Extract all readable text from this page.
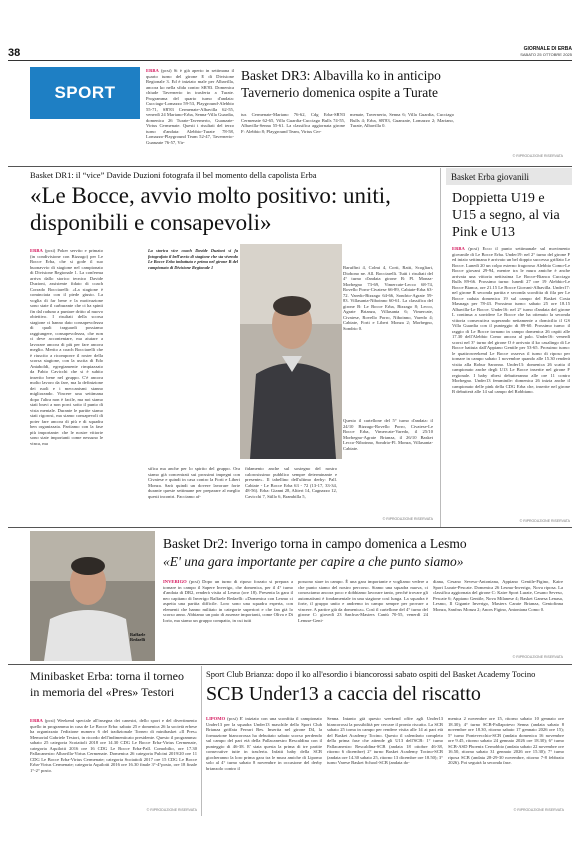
38	GIORNALE DI ERBA
SABATO 25 OTTOBRE 2025
SPORT
ERBA (pcsi) Si è già aperto in settimana il quarto turno del girone E di Divisione Regionale 3. Ed è iniziato male per Albavilla, ancora ko nella sfida contro SR'83. Domenica chiude Tavernerio in trasferta a Turate. Programma del quarto turno d'andata: Cucciago-Lomazzo 59-53, Playground-Alebbio 55-71, SR'83 Cermenate-Albavilla 62-55, venerdì 24 Mariano-Erba, Senna-Villa Guardia, domenica 26 Turate-Tavernerio, Guanzate-Virtus Cermenate. Questi i risultati del terzo turno d'andata: Alebbio-Turate 78-58, Lomazzo-Playground Team 52-47, Tavernerio-Guanzate 76-57, Vir-
Basket DR3: Albavilla ko in anticipo
Tavernerio domenica ospite a Turate
tus Cermenate-Mariano 76-62, Cdg Erba-SR'83 Cermenate 62-65, Villa Guardia-Cucciago Bulls 74-55, Albavilla-Senna 55-61. La classifica aggiornata girone F: Alebbio 8; Playground Team, Virtus Cer-
menate, Tavernerio, Senna 6; Villa Guardia, Cucciago Bulls 4; Erba, SR'83, Guanzate, Lomazzo 2; Mariano, Turate, Albavilla 0.
© RIPRODUZIONE RISERVATA
Basket DR1: il “vice” Davide Duzioni fotografa il bel momento della capolista Erba
«Le Bocce, avvio molto positivo: uniti, disponibili e consapevoli»
ERBA (pcsi) Poker servito e primato (in condivisione con Bizzago) per Le Bocce Erba, che si gode il suo buonavvio di stagione nel campionato di Divisione Regionale 1. La conferma arriva dallo storico tecnico Davide Duzioni, assistente fidato di coach Corrado Bocciarelli: «La stagione è cominciata con il piede giusto. La voglia di far bene e la motivazione sono state il carburante che ci ha spinti fin dal raduno a puntare dritto al nuovo obiettivo. I risultati della scorsa stagione ci hanno dato consapevolezza di quali traguardi possiamo raggiungere, consapevolezza, che non ci deve accontentare, ma aiutare a lavorare ancora di più per fare ancora meglio. Merito a coach Bocciarelli che è riuscito a ricomporre il roster della scorsa stagione, con la uscita di Edo Antaboldi, egregiamente rimpiazzato da Fabio Cavicchi che si è subito inserito bene nel gruppo. C'è ancora molto lavoro da fare, ma la definizione dei ruoli e i meccanismi stanno migliorando. Vincere una settimana dopo l'altra non è facile, ma noi siamo stati bravi a non porci sotto il punto di vista mentale. Durante le partite siamo stati rigorosi, ma siamo consapevoli di poter fare ancora di più e di squadra ben organizzata. Partiamo con la fase più importante: che le nostre vittorie sono state importanti come nessuno le vinca, ma
La storica vice coach Davide Duzioni si fa fotografato il bell'avvio di stagione che sta vivendo Le Bocce Erba imbattuta e prima nel girone B del campionato di Divisione Regionale 1
sifica ma anche per lo spirito del gruppo. Ora siamo già concentrati sui prossimi impegni con Civatese e quindi in casa contro la Forti e Liberi Monza. Sarà quindi un dovere lavorare forte durante queste settimane per preparare al meglio questi incontri. Facciamo af-
fidamento anche sul sostegno del nostro calorosissimo pubblico sempre determinante e presente». Il tabellino dell'ultimo derby: Pall. Cabiate - Le Bocce Erba 63 - 72 (13-17, 33-34, 48-56). Erba: Gianni 28, Altieri 14, Cagnazzo 12, Cavicchi 7, Stillo 6, Brambilla 5,
Baruffini 4, Colmi 4, Corti, Ratti, Scogliari, Diobono ne. All. Bocciarelli. Tutti i risultati del 4° turno d'andata girone B: Pl. Monza-Morbegno 73-69, Vimercate-Lecco 68-74, Rovello Porro-Civatese 66-89, Cabiate-Erba 63-72. Varedo-Bizzago 64-66, Sondrio-Agrate 59-83. Villasanta-Niboinno 60-61. La classifica del girone B: Le Bocce Erba, Bizzago 8; Lecco, Agrate Brianza, Villasanta 6; Vimercate, Civatese, Rovello Porro, Niboinno, Varedo 4; Cabiate, Forti e Liberi Monza 2; Morbegno, Sondrio 0.
Questo il cartellone del 5° turno d'andata: il 24/10 Bizzago-Rovello Porro, Civatese-Le Bocce Erba, Vimercate-Varedo, il 25/10 Morbegno-Agrate Brianza, il 26/10 Basket Lecco-Niboinno, Sondrio-Fl. Monza, Villasanta-Cabiate.
© RIPRODUZIONE RISERVATA
Basket Erba giovanili
Doppietta U19 e U15 a segno, al via Pink e U13
ERBA (pcsi) Ecco il punto settimanale sul movimento giovanile di Le Bocce Erba. Under19: nel 2° turno del girone F ed inizio settimana è arrivato un bel doppio successo griffato Le Bocce. Lunedì 20 un colpo esterno fragoroso Alebbio Como-Le Bocce giovani 29-94, mentre tra le mura amiche è anche arrivata una vittoria nettissima Le Bocce-Bianca Cucciago Bulls 89-66. Prossimo turno: lunedì 27 ore 19 Alebbio-Le Bocce Bianca, ore 21.15 Le Bocce Giovani-Albavilla. Under17: nel girone R seconda partita e seconda sconfitta di fila per Le Bocce caduta domenica 19 sul campo del Basket Costa Masnaga per 78-43. Prossimo turno: sabato 25 ore 18.15 Albavilla-Le Bocce. Under16: nel 2° turno d'andata del girone L continua a sorridere Le Bocce che ha ottenuto la seconda vittoria consecutiva superando nettamente a domicilio il GS Villa Guardia con il punteggio di 89-60. Prossimo turno: il raggio di Le Bocce tornano in campo domenica 26 ospiti alle 17.30 dell'Alebbio Como ancora al palo. Under16: venerdì scorsi nel 3° turno del girone O è arrivato il ko casalingo di Le Bocce battuta dall'Appiano Gentile per 53-65. Prossimo turno: le quattroweekend Le Bocce osserva il turno di riposo per tornare in campo sabato 1 novembre quando alle 15.30 renderà visita alla Robur Saronno. Under13: domenica 26 scatta il campionato anche degli U13 Le Bocce inserite nel girone F regionale. I baby ribesi debutteranno alle ore 11 contro Morbegno. Under13 femminile: domenica 26 inizia anche il campionato delle pink della CDG Erba che, inserite nel girone B debutterà alle 14 sul campo del Robbiano.
© RIPRODUZIONE RISERVATA
Raffaele Redaelli
Basket Dr2: Inverigo torna in campo domenica a Lesmo
«E' una gara importante per capire a che punto siamo»
INVERIGO (pcsi) Dopo un turno di riposo forzato si prepara a tornare in campo il Sapere Inverigo, che domenica, per il 4° turno d'andata di DR2, renderà visita al Lesmo (ore 18). Presenta la gara il neo capitano di Inverigo Raffaele Redaelli: «Domenica con Lesmo ci aspetta una partita difficile. Loro sono una squadra esperta, con elementi che hanno militato in categorie superiori e che fan già lo scorso anno. Abbiamo un paio di assenze importanti, come Oliva e Di Iorio, ma siamo un gruppo compatto, in cui tutti
possono stare in campo. È una gara importante e vogliamo vedere a che punto siamo del nostro percorso. Siamo una squadra nuova, ci conosciamo ancora poco e dobbiamo lavorare tanto, perché trovare gli automatismi è fondamentale in una stagione così lunga. La squadra è forte, il gruppo unito e andremo in campo sempre per provare a vincere. A partire già da domenica». Così il cartellone del 4° turno del girone C: giovedì 23 Sanfrus-Masters Cantù 70-55, venerdì 24 Lenuse-Geni-
diana, Cesano Seveso-Antoniana, Appiano Gentile-Figino, Kaire Sport Lurate-Pescate. Domenica 26 Lesmo-Inverigo, Nova riposa. La classifica aggiornata del girone C: Kaire Sport Lurate, Cesano Seveso, Pescate 6; Appiano Gentile, Nova Milanese 4; Basket Ganesa Lenasa, Lesmo, Il Gigante Inverigo, Masters Carate Brianza, Geniofinna Monza, Sanfrus Monza 2; Anors Figino, Antoniana Como 0.
© RIPRODUZIONE RISERVATA
Minibasket Erba: torna il torneo in memoria del «Pres» Testori
ERBA (pcsi) Weekend speciale all'insegna dei canestri, dello sport e del divertimento quello in programma in casa de Le Bocce Erba: sabato 25 e domenica 26 la società erbese ha organizzato l'edizione numero 6 del tradizionale Torneo di minibasket «Il Pres» Memorial Gabriele Testori, in ricordo dell'indimenticato presidente. Questo il programma: sabato 25 categoria Scoiattoli 2018 ore 14.30 CDG Le Bocce Erba-Virtus Cermenate, categoria Aquilotti 2016 ore 16 CDG Le Bocce Erba-Pall. Comobilio, ore 17.30 Pallacanestro Albavilla-Virtus Cermenate. Domenica 26 categoria Pulcini 2019/20 ore 11 CDG Le Bocce Erba-Virtus Cermenate; categoria Scoiattoli 2017 ore 15 CDG Le Bocce Erba-Virtus Cermenate; categoria Aquilotti 2016 ore 16.30 finale 3°-4°posto, ore 18 finale 1°-2° posto.
© RIPRODUZIONE RISERVATA
Sport Club Brianza: dopo il ko all'esordio i biancorossi sabato ospiti del Basket Academy Tocino
SCB Under13 a caccia del riscatto
LIPOMO (pcsi) E' iniziato con una sconfitta il campionato Under13 per la squadra Under13 maschile dello Sport Club Brianza griffata Ferrari Bes. Inserita nel girone D4, la formazione biancorossa ha debuttato sabato scorso perdendo sul campo del pari età della Pallacanestro Rescaldina con il punteggio di 46-38. E' stata questa la prima di tre partite consecutive tutte in trasferta. Infatti baby della SCB giocheranno la loro prima gara tra le mura amiche di Lipomo solo al 4° turno sabato 8 novembre in occasione del derby brianzolo contro il
Senna. Intanto già questo weekend offre agli Under13 biancorossi la possibilità per cercare il pronto riscatto. La SCB sabato 25 torna in campo per rendere visita alle 14 ai pari età del Basket Academy Tocino. Questo il calendario completo della prima fase che attende gli U13 dell'SCB: 1° turno Pallacanestro Rescaldina-SCB (andata 18 ottobre 46-38, ritorno 6 dicembre) 2° turno Basket Academy Tocino-SCB (andata ore 14.30 sabato 25, ritorno 13 dicembre ore 18.50); 3° turno Varese Basket School-SCB (andata do-
menica 2 novembre ore 15, ritorno sabato 10 gennaio ore 18.30); 4° turno SCB-Pallapotevo Senna (andata sabato 8 novembre ore 18.30, ritorno sabato 17 gennaio 2026 ore 15); 5° turno Pontevecchio-SCB (andata domenica 16 novembre ore 9.45, ritorno sabato 24 gennaio 2026 ore 18.30); 6° turno SCB-ASD Phoenix Cernobbio (andata sabato 22 novembre ore 16.50, ritorno sabato 31 gennaio 2026 ore 15.30); 7° turno riposa SCB (andata 28-29-30 novembre, ritorno 7-8 febbraio 2026). Poi seguirà la seconda fase.
© RIPRODUZIONE RISERVATA
